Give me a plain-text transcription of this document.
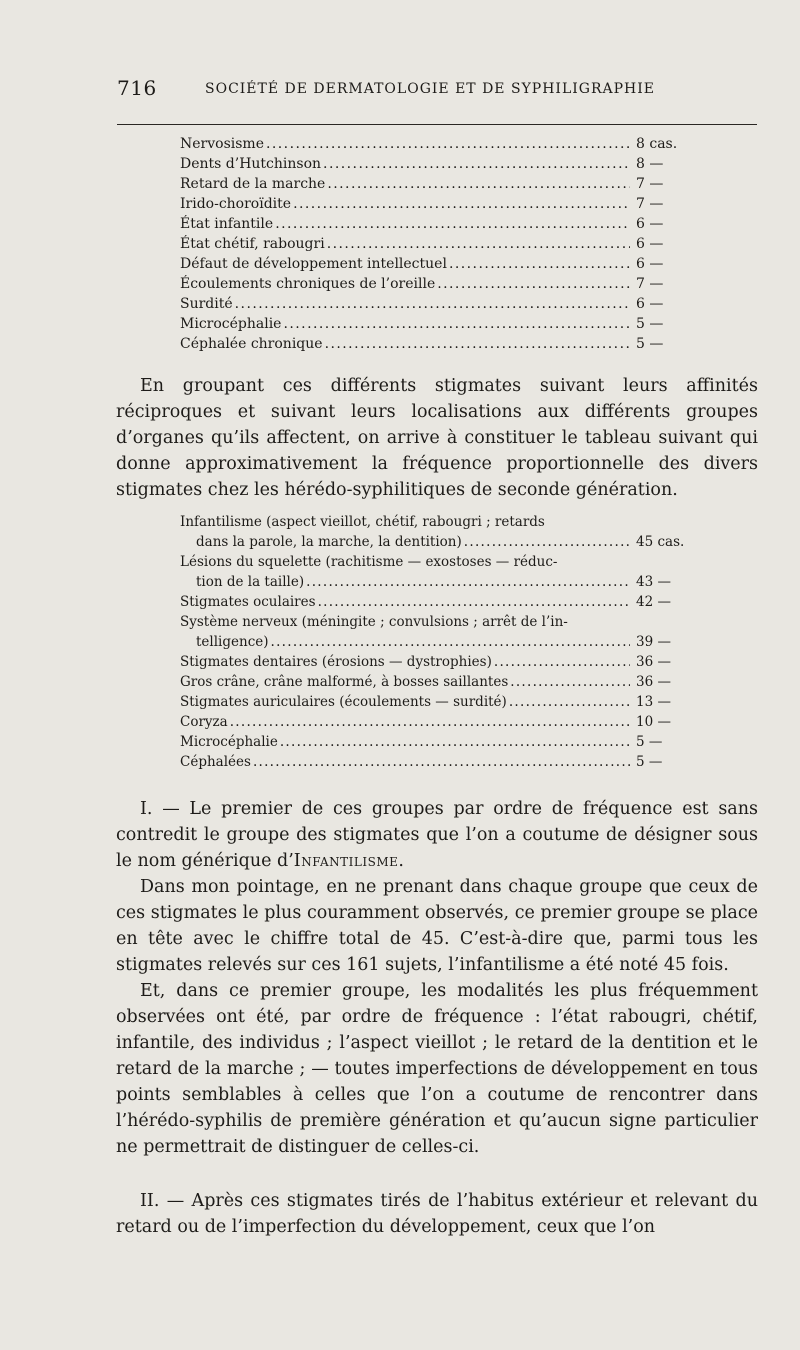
716	SOCIÉTÉ DE DERMATOLOGIE ET DE SYPHILIGRAPHIE
Nervosisme . . .	8 cas.
Dents d’Hutchinson . . .	8 —
Retard de la marche . . .	7 —
Irido-choroïdite . . .	7 —
État infantile . . .	6 —
État chétif, rabougri . . .	6 —
Défaut de développement intellectuel . . .	6 —
Écoulements chroniques de l’oreille . . .	7 —
Surdité . . .	6 —
Microcéphalie . . .	5 —
Céphalée chronique . . .	5 —

En groupant ces différents stigmates suivant leurs affinités réciproques et suivant leurs localisations aux différents groupes d’organes qu’ils affectent, on arrive à constituer le tableau suivant qui donne approximativement la fréquence proportionnelle des divers stigmates chez les hérédo-syphilitiques de seconde génération.

Infantilisme (aspect vieillot, chétif, rabougri ; retards
dans la parole, la marche, la dentition) . . .	45 cas.
Lésions du squelette (rachitisme — exostoses — réduc-
tion de la taille) . . .	43 —
Stigmates oculaires . . .	42 —
Système nerveux (méningite ; convulsions ; arrêt de l’in-
telligence) . . .	39 —
Stigmates dentaires (érosions — dystrophies) . . .	36 —
Gros crâne, crâne malformé, à bosses saillantes . . .	36 —
Stigmates auriculaires (écoulements — surdité) . . .	13 —
Coryza . . .	10 —
Microcéphalie . . .	5 —
Céphalées . . .	5 —

I. — Le premier de ces groupes par ordre de fréquence est sans contredit le groupe des stigmates que l’on a coutume de désigner sous le nom générique d’Infantilisme.

Dans mon pointage, en ne prenant dans chaque groupe que ceux de ces stigmates le plus couramment observés, ce premier groupe se place en tête avec le chiffre total de 45. C’est-à-dire que, parmi tous les stigmates relevés sur ces 161 sujets, l’infantilisme a été noté 45 fois.

Et, dans ce premier groupe, les modalités les plus fréquemment observées ont été, par ordre de fréquence : l’état rabougri, chétif, infantile, des individus ; l’aspect vieillot ; le retard de la dentition et le retard de la marche ; — toutes imperfections de développement en tous points semblables à celles que l’on a coutume de rencontrer dans l’hérédo-syphilis de première génération et qu’aucun signe particulier ne permettrait de distinguer de celles-ci.

II. — Après ces stigmates tirés de l’habitus extérieur et relevant du retard ou de l’imperfection du développement, ceux que l’on
